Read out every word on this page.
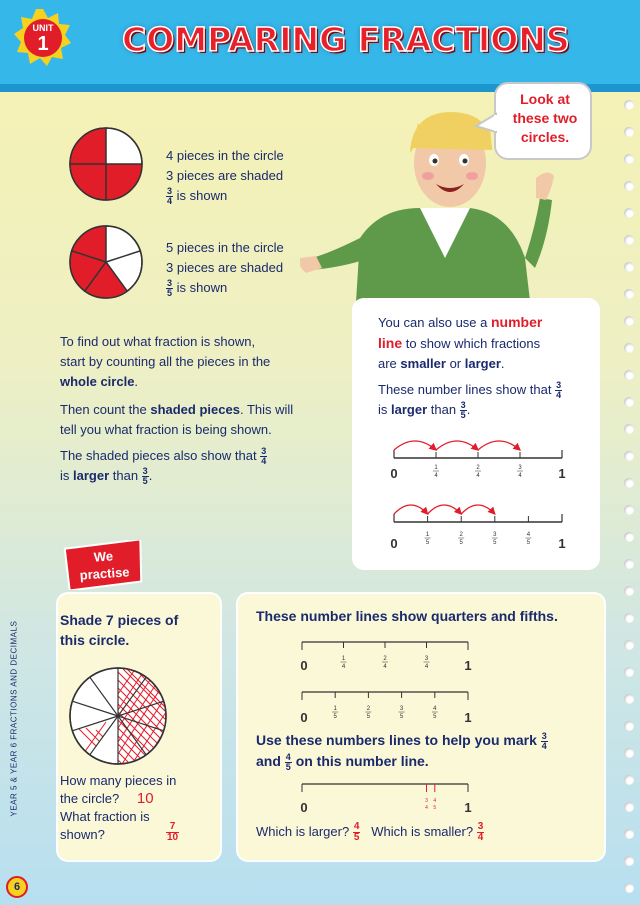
UNIT
1 COMPARING FRACTIONS
Look at
these two
circles.
4 pieces in the circle
3 pieces are shaded
$\frac{3}{4}$ is shown
5 pieces in the circle
3 pieces are shaded
$\frac{3}{5}$ is shown
To find out what fraction is shown,
start by counting all the pieces in the
whole circle.
Then count the shaded pieces. This will
tell you what fraction is being shown.
The shaded pieces also show that $\frac{3}{4}$
is larger than $\frac{3}{5}$ .
You can also use a number
line to show which fractions
are smaller or larger.
These number lines show that $\frac{3}{4}$
is larger than $\frac{3}{5}$ .
0	1
1
4
2
4
3
4
0	1
1
5
2
5
3
5
4
5
We
practise
Shade 7 pieces of
this circle.
How many pieces in
the circle? 10
What fraction is
shown?	$\frac{7}{10}$
These number lines show quarters and fifths.
0	1
1
4
2
4
3
4
0	1
1
5
2
5
3
5
4
5
Use these numbers lines to help you mark $\frac{3}{4}$
and $\frac{4}{5}$ on this number line.
0	1
3
4
4
5
Which is larger? $\frac{4}{5}$ Which is smaller? $\frac{3}{4}$
YEAR 5 & YEAR 6 FRACTIONS AND DECIMALS
6
